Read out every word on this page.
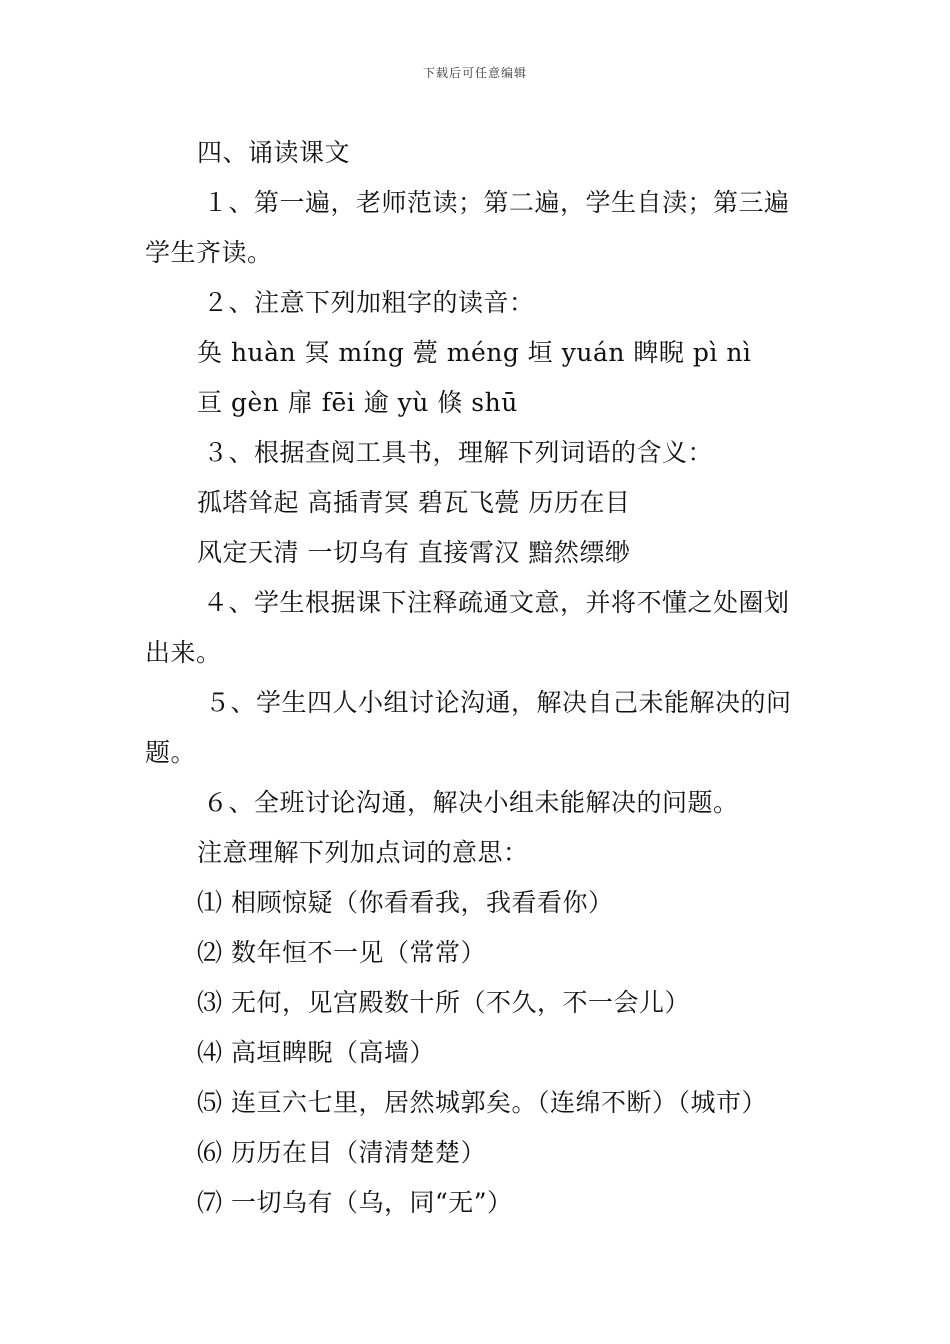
下载后可任意编辑
四、诵读课文
１、第一遍，老师范读；第二遍，学生自渎；第三遍
学生齐读。
２、注意下列加粗字的读音：
奂 huàn 冥 míng 甍 méng 垣 yuán 睥睨 pì nì
亘 gèn 扉 fēi 逾 yù 倏 shū
３、根据查阅工具书，理解下列词语的含义：
孤塔耸起 高插青冥 碧瓦飞甍 历历在目
风定天清 一切乌有 直接霄汉 黯然缥缈
４、学生根据课下注释疏通文意，并将不懂之处圈划
出来。
５、学生四人小组讨论沟通，解决自己未能解决的问
题。
６、全班讨论沟通，解决小组未能解决的问题。
注意理解下列加点词的意思：
⑴ 相顾惊疑（你看看我，我看看你）
⑵ 数年恒不一见（常常）
⑶ 无何，见宫殿数十所（不久，不一会儿）
⑷ 高垣睥睨（高墙）
⑸ 连亘六七里，居然城郭矣。（连绵不断）（城市）
⑹ 历历在目（清清楚楚）
⑺ 一切乌有（乌，同“无”）
